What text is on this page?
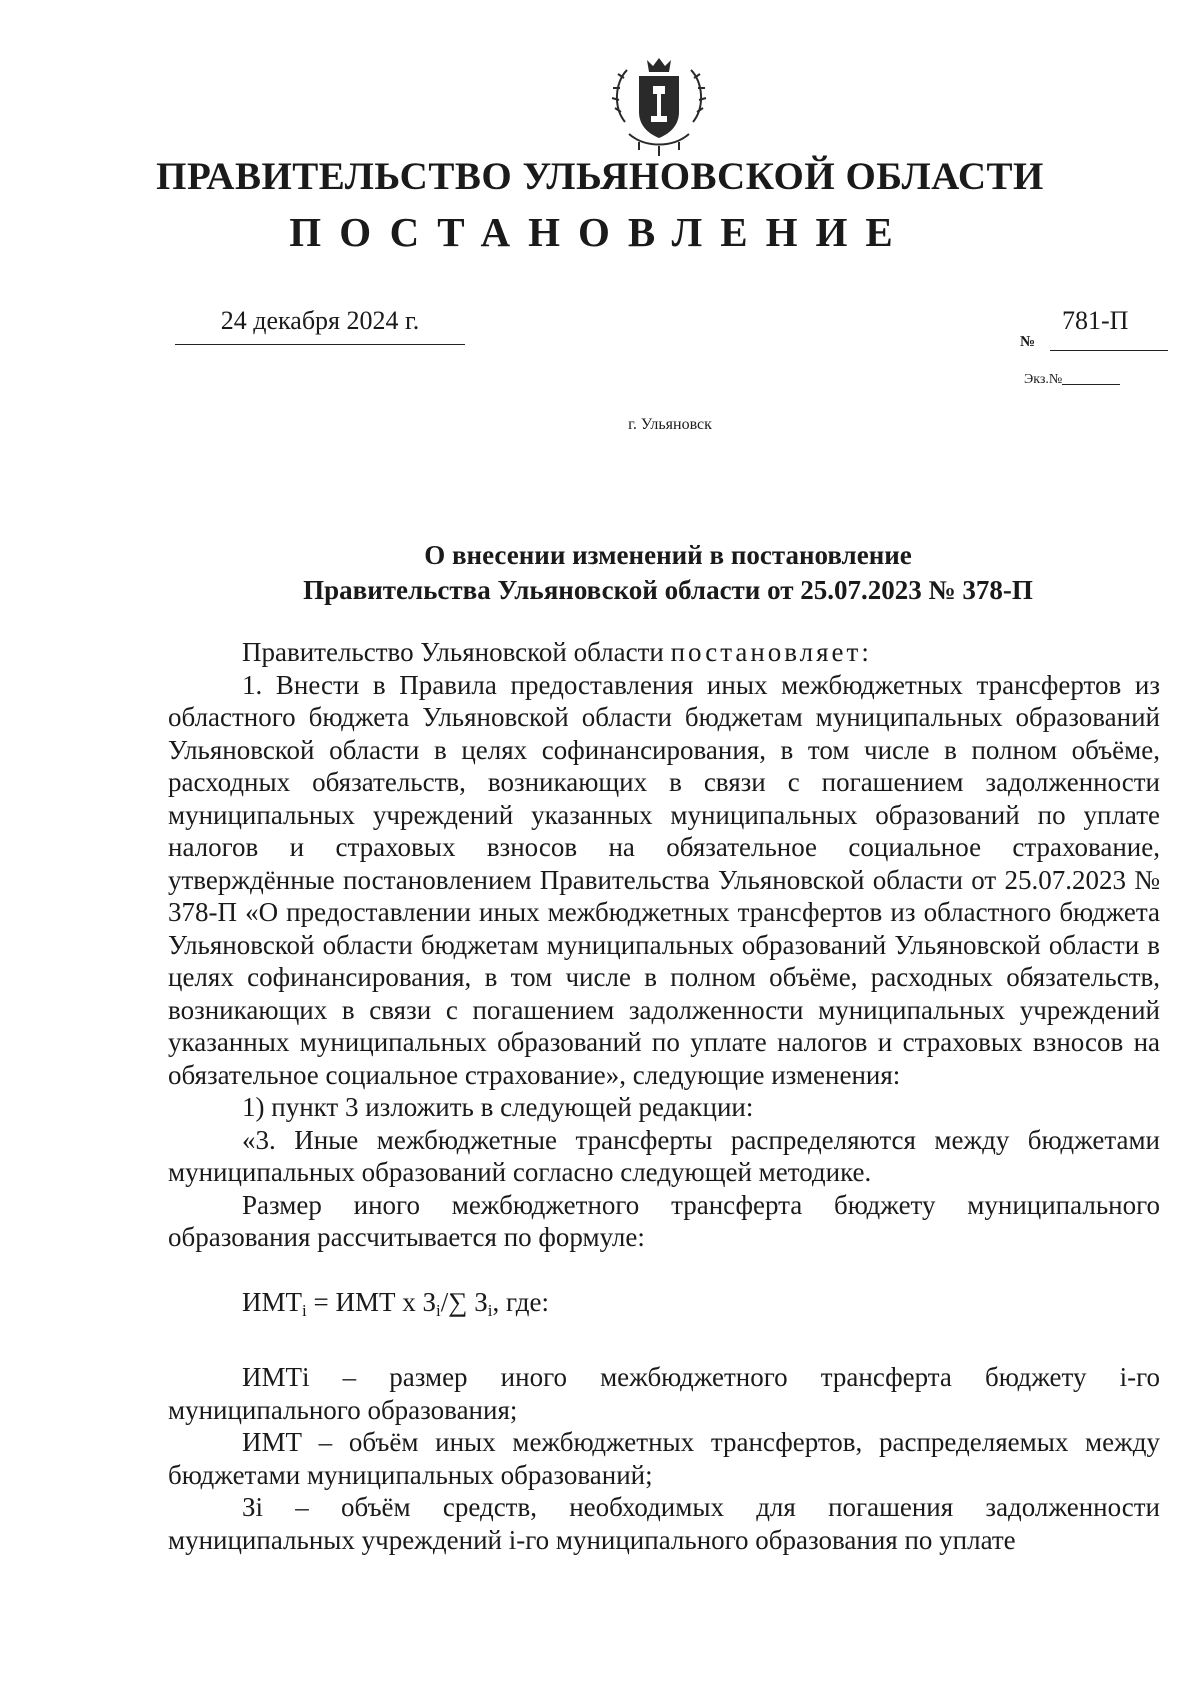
ПРАВИТЕЛЬСТВО УЛЬЯНОВСКОЙ ОБЛАСТИ
ПОСТАНОВЛЕНИЕ
24 декабря 2024 г.
№
781-П
Экз.№
г. Ульяновск
О внесении изменений в постановление
Правительства Ульяновской области от 25.07.2023 № 378-П

Правительство Ульяновской области постановляет:

1. Внести в Правила предоставления иных межбюджетных трансфертов из областного бюджета Ульяновской области бюджетам муниципальных образований Ульяновской области в целях софинансирования, в том числе в полном объёме, расходных обязательств, возникающих в связи с погашением задолженности муниципальных учреждений указанных муниципальных образований по уплате налогов и страховых взносов на обязательное социальное страхование, утверждённые постановлением Правительства Ульяновской области от 25.07.2023 № 378-П «О предоставлении иных межбюджетных трансфертов из областного бюджета Ульяновской области бюджетам муниципальных образований Ульяновской области в целях софинансирования, в том числе в полном объёме, расходных обязательств, возникающих в связи с погашением задолженности муниципальных учреждений указанных муниципальных образований по уплате налогов и страховых взносов на обязательное социальное страхование», следующие изменения:

1) пункт 3 изложить в следующей редакции:

«3. Иные межбюджетные трансферты распределяются между бюджетами муниципальных образований согласно следующей методике.

Размер иного межбюджетного трансферта бюджету муниципального образования рассчитывается по формуле:

$ИМТ_i$ = ИМТ x $З_i/\sum$ $З_i$, где:

ИМТi – размер иного межбюджетного трансферта бюджету i-го муниципального образования;

ИМТ – объём иных межбюджетных трансфертов, распределяемых между бюджетами муниципальных образований;

Зi – объём средств, необходимых для погашения задолженности муниципальных учреждений i-го муниципального образования по уплате
